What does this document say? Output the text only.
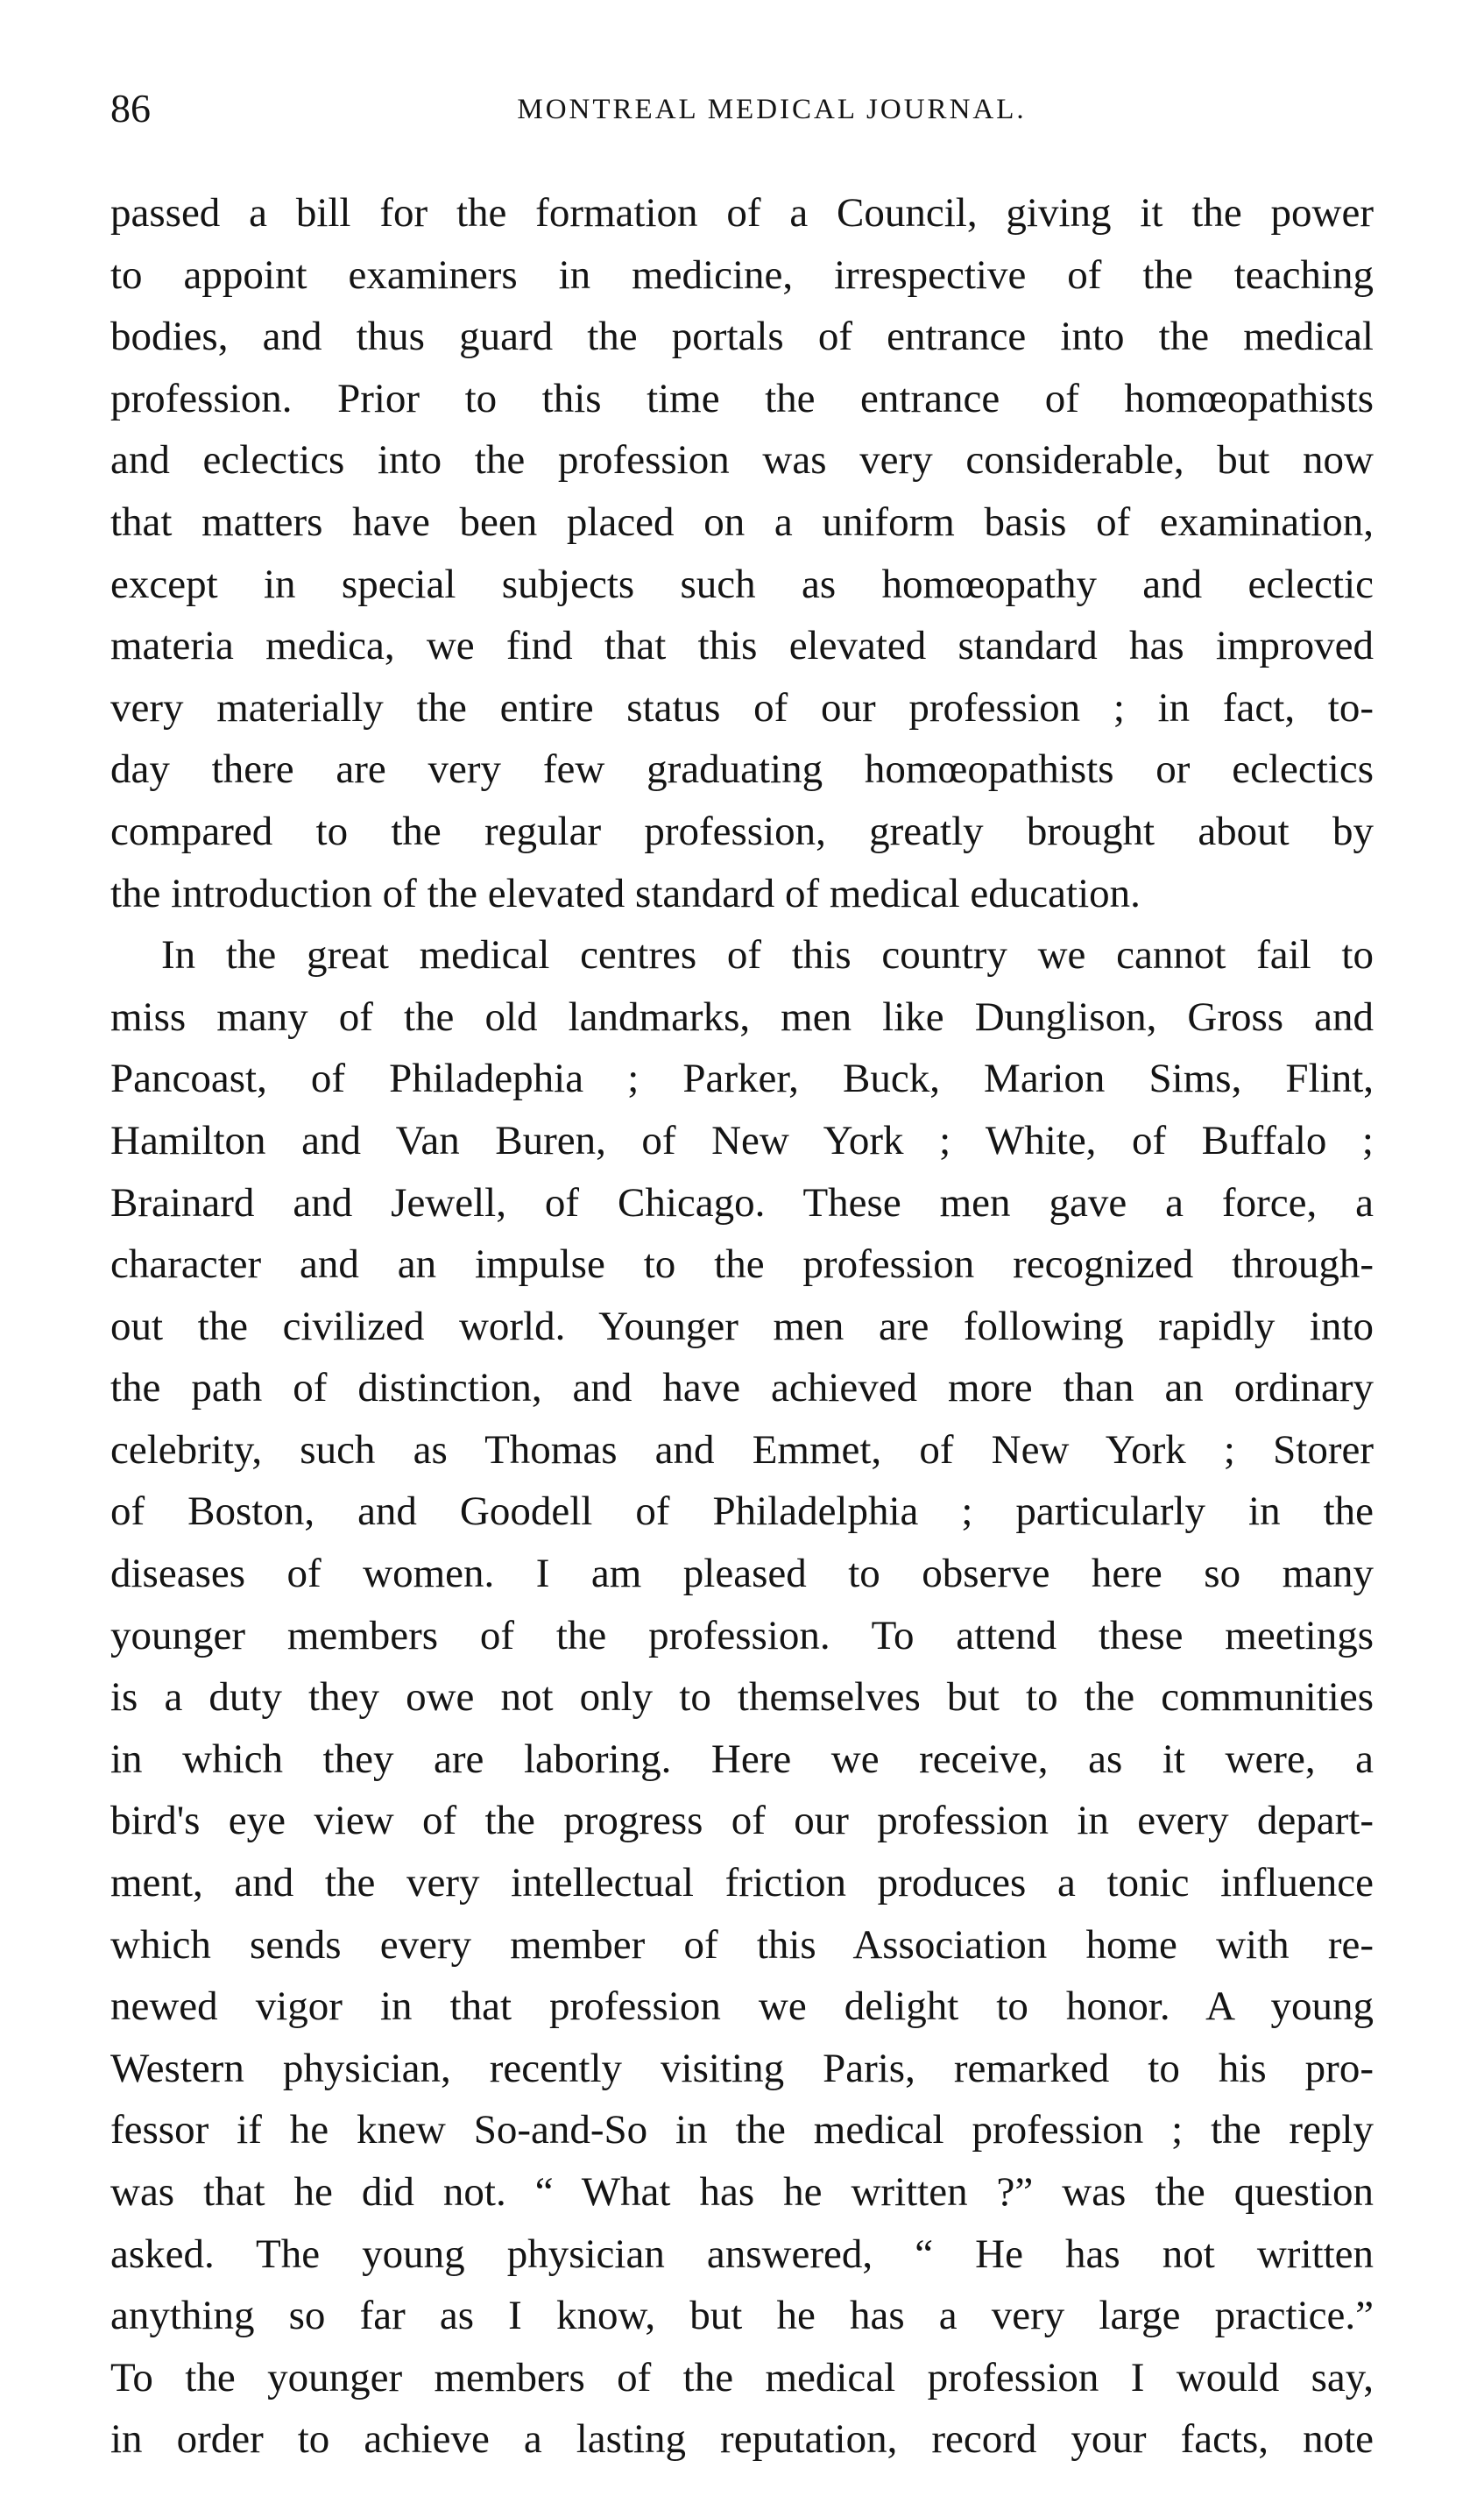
86	MONTREAL MEDICAL JOURNAL.
passed a bill for the formation of a Council, giving it the power
to appoint examiners in medicine, irrespective of the teaching
bodies, and thus guard the portals of entrance into the medical
profession. Prior to this time the entrance of homœopathists
and eclectics into the profession was very considerable, but now
that matters have been placed on a uniform basis of examination,
except in special subjects such as homœopathy and eclectic
materia medica, we find that this elevated standard has improved
very materially the entire status of our profession ; in fact, to-
day there are very few graduating homœopathists or eclectics
compared to the regular profession, greatly brought about by
the introduction of the elevated standard of medical education.
In the great medical centres of this country we cannot fail to
miss many of the old landmarks, men like Dunglison, Gross and
Pancoast, of Philadephia ; Parker, Buck, Marion Sims, Flint,
Hamilton and Van Buren, of New York ; White, of Buffalo ;
Brainard and Jewell, of Chicago. These men gave a force, a
character and an impulse to the profession recognized through-
out the civilized world. Younger men are following rapidly into
the path of distinction, and have achieved more than an ordinary
celebrity, such as Thomas and Emmet, of New York ; Storer
of Boston, and Goodell of Philadelphia ; particularly in the
diseases of women. I am pleased to observe here so many
younger members of the profession. To attend these meetings
is a duty they owe not only to themselves but to the communities
in which they are laboring. Here we receive, as it were, a
bird's eye view of the progress of our profession in every depart-
ment, and the very intellectual friction produces a tonic influence
which sends every member of this Association home with re-
newed vigor in that profession we delight to honor. A young
Western physician, recently visiting Paris, remarked to his pro-
fessor if he knew So-and-So in the medical profession ; the reply
was that he did not. “ What has he written ?” was the question
asked. The young physician answered, “ He has not written
anything so far as I know, but he has a very large practice.”
To the younger members of the medical profession I would say,
in order to achieve a lasting reputation, record your facts, note
